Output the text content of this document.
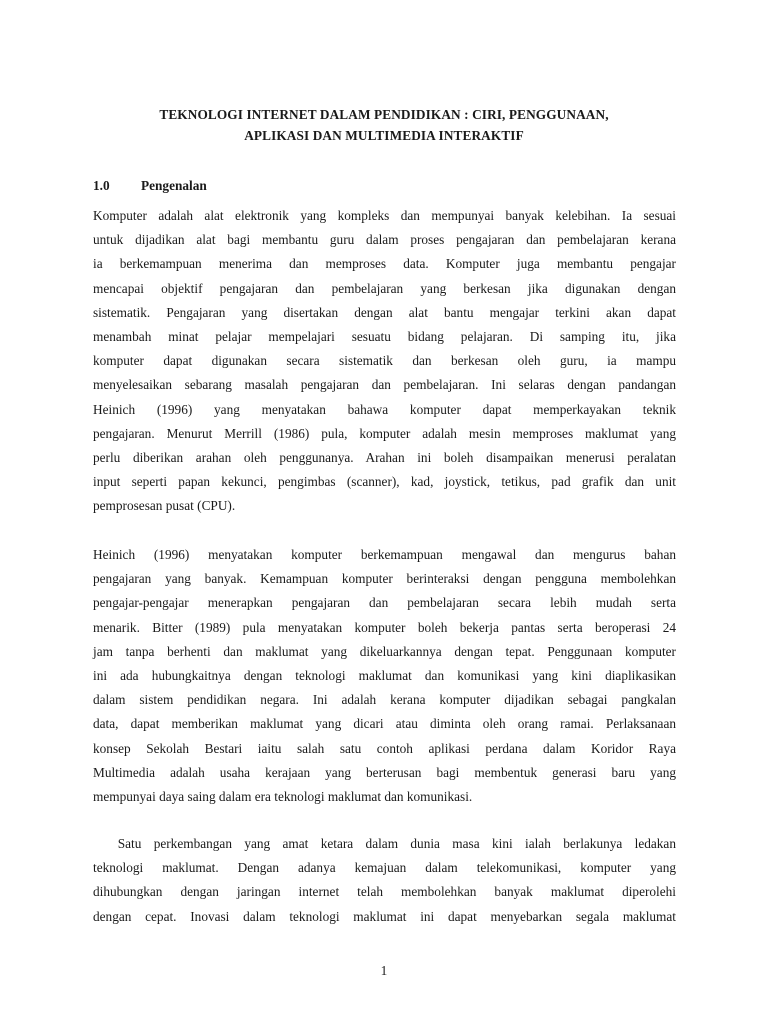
TEKNOLOGI INTERNET DALAM PENDIDIKAN : CIRI, PENGGUNAAN,
APLIKASI DAN MULTIMEDIA INTERAKTIF
1.0 Pengenalan
Komputer adalah alat elektronik yang kompleks dan mempunyai banyak kelebihan. Ia sesuai
untuk dijadikan alat bagi membantu guru dalam proses pengajaran dan pembelajaran kerana
ia berkemampuan menerima dan memproses data. Komputer juga membantu pengajar
mencapai objektif pengajaran dan pembelajaran yang berkesan jika digunakan dengan
sistematik. Pengajaran yang disertakan dengan alat bantu mengajar terkini akan dapat
menambah minat pelajar mempelajari sesuatu bidang pelajaran. Di samping itu, jika
komputer dapat digunakan secara sistematik dan berkesan oleh guru, ia mampu
menyelesaikan sebarang masalah pengajaran dan pembelajaran. Ini selaras dengan pandangan
Heinich (1996) yang menyatakan bahawa komputer dapat memperkayakan teknik
pengajaran. Menurut Merrill (1986) pula, komputer adalah mesin memproses maklumat yang
perlu diberikan arahan oleh penggunanya. Arahan ini boleh disampaikan menerusi peralatan
input seperti papan kekunci, pengimbas (scanner), kad, joystick, tetikus, pad grafik dan unit
pemprosesan pusat (CPU).
Heinich (1996) menyatakan komputer berkemampuan mengawal dan mengurus bahan
pengajaran yang banyak. Kemampuan komputer berinteraksi dengan pengguna membolehkan
pengajar-pengajar menerapkan pengajaran dan pembelajaran secara lebih mudah serta
menarik. Bitter (1989) pula menyatakan komputer boleh bekerja pantas serta beroperasi 24
jam tanpa berhenti dan maklumat yang dikeluarkannya dengan tepat. Penggunaan komputer
ini ada hubungkaitnya dengan teknologi maklumat dan komunikasi yang kini diaplikasikan
dalam sistem pendidikan negara. Ini adalah kerana komputer dijadikan sebagai pangkalan
data, dapat memberikan maklumat yang dicari atau diminta oleh orang ramai. Perlaksanaan
konsep Sekolah Bestari iaitu salah satu contoh aplikasi perdana dalam Koridor Raya
Multimedia adalah usaha kerajaan yang berterusan bagi membentuk generasi baru yang
mempunyai daya saing dalam era teknologi maklumat dan komunikasi.
Satu perkembangan yang amat ketara dalam dunia masa kini ialah berlakunya ledakan
teknologi maklumat. Dengan adanya kemajuan dalam telekomunikasi, komputer yang
dihubungkan dengan jaringan internet telah membolehkan banyak maklumat diperolehi
dengan cepat. Inovasi dalam teknologi maklumat ini dapat menyebarkan segala maklumat
1
